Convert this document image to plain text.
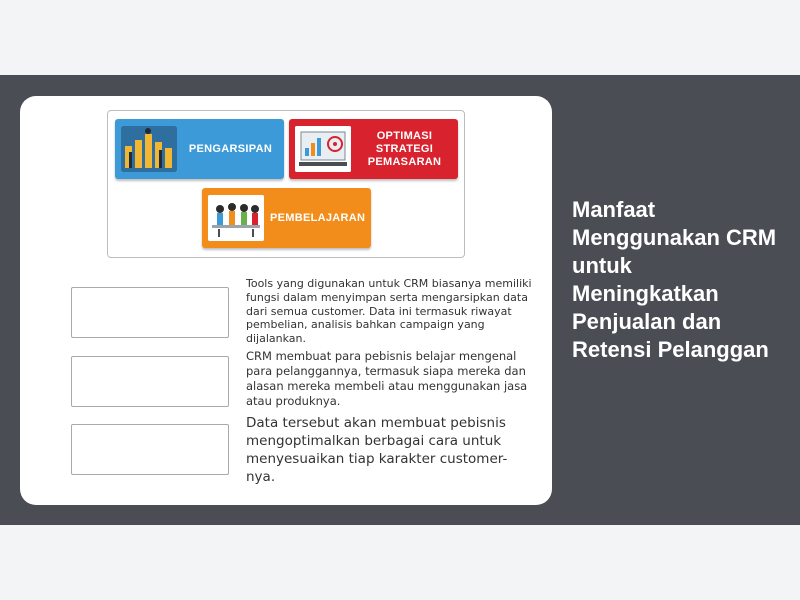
PENGARSIPAN
OPTIMASI STRATEGI PEMASARAN
PEMBELAJARAN
Tools yang digunakan untuk CRM biasanya memiliki fungsi dalam menyimpan serta mengarsipkan data dari semua customer. Data ini termasuk riwayat pembelian, analisis bahkan campaign yang dijalankan.
CRM membuat para pebisnis belajar mengenal para pelanggannya, termasuk siapa mereka dan alasan mereka membeli atau menggunakan jasa atau produknya.
Data tersebut akan membuat pebisnis mengoptimalkan berbagai cara untuk menyesuaikan tiap karakter customer-nya.
Manfaat Menggunakan CRM untuk Meningkatkan Penjualan dan Retensi Pelanggan
